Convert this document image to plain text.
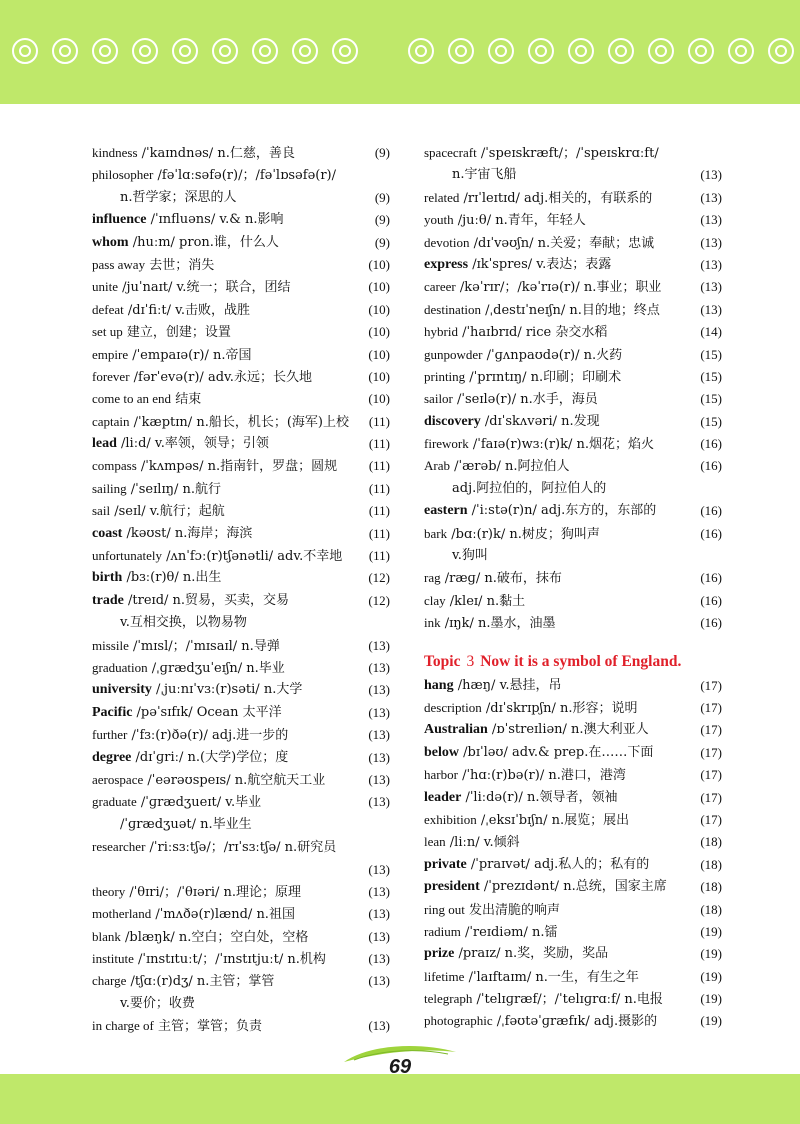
kindness /ˈkaɪndnəs/ n.仁慈，善良	(9)
philosopher /fəˈlɑːsəfə(r)/；/fəˈlɒsəfə(r)/
n.哲学家；深思的人	(9)
influence /ˈɪnfluəns/ v.& n.影响	(9)
whom /huːm/ pron.谁，什么人	(9)
pass away 去世；消失	(10)
unite /juˈnaɪt/ v.统一；联合，团结	(10)
defeat /dɪˈfiːt/ v.击败，战胜	(10)
set up 建立，创建；设置	(10)
empire /ˈempaɪə(r)/ n.帝国	(10)
forever /fərˈevə(r)/ adv.永远；长久地	(10)
come to an end 结束	(10)
captain /ˈkæptɪn/ n.船长，机长；(海军)上校	(11)
lead /liːd/ v.率领，领导；引领	(11)
compass /ˈkʌmpəs/ n.指南针，罗盘；圆规	(11)
sailing /ˈseɪlɪŋ/ n.航行	(11)
sail /seɪl/ v.航行；起航	(11)
coast /kəʊst/ n.海岸；海滨	(11)
unfortunately /ʌnˈfɔː(r)tʃənətli/ adv.不幸地	(11)
birth /bɜː(r)θ/ n.出生	(12)
trade /treɪd/ n.贸易，买卖，交易	(12)
v.互相交换，以物易物
missile /ˈmɪsl/；/ˈmɪsaɪl/ n.导弹	(13)
graduation /ˌɡrædʒuˈeɪʃn/ n.毕业	(13)
university /ˌjuːnɪˈvɜː(r)səti/ n.大学	(13)
Pacific /pəˈsɪfɪk/ Ocean 太平洋	(13)
further /ˈfɜː(r)ðə(r)/ adj.进一步的	(13)
degree /dɪˈɡriː/ n.(大学)学位；度	(13)
aerospace /ˈeərəʊspeɪs/ n.航空航天工业	(13)
graduate /ˈɡrædʒueɪt/ v.毕业	(13)
/ˈɡrædʒuət/ n.毕业生
researcher /ˈriːsɜːtʃə/；/rɪˈsɜːtʃə/ n.研究员
(13)
theory /ˈθɪri/；/ˈθɪəri/ n.理论；原理	(13)
motherland /ˈmʌðə(r)lænd/ n.祖国	(13)
blank /blæŋk/ n.空白；空白处，空格	(13)
institute /ˈɪnstɪtuːt/；/ˈɪnstɪtjuːt/ n.机构	(13)
charge /tʃɑː(r)dʒ/ n.主管；掌管	(13)
v.要价；收费
in charge of 主管；掌管；负责	(13)
spacecraft /ˈspeɪskræft/；/ˈspeɪskrɑːft/
n.宇宙飞船	(13)
related /rɪˈleɪtɪd/ adj.相关的，有联系的	(13)
youth /juːθ/ n.青年，年轻人	(13)
devotion /dɪˈvəʊʃn/ n.关爱；奉献；忠诚	(13)
express /ɪkˈspres/ v.表达；表露	(13)
career /kəˈrɪr/；/kəˈrɪə(r)/ n.事业；职业	(13)
destination /ˌdestɪˈneɪʃn/ n.目的地；终点	(13)
hybrid /ˈhaɪbrɪd/ rice 杂交水稻	(14)
gunpowder /ˈɡʌnpaʊdə(r)/ n.火药	(15)
printing /ˈprɪntɪŋ/ n.印刷；印刷术	(15)
sailor /ˈseɪlə(r)/ n.水手，海员	(15)
discovery /dɪˈskʌvəri/ n.发现	(15)
firework /ˈfaɪə(r)wɜː(r)k/ n.烟花；焰火	(16)
Arab /ˈærəb/ n.阿拉伯人	(16)
adj.阿拉伯的，阿拉伯人的
eastern /ˈiːstə(r)n/ adj.东方的，东部的	(16)
bark /bɑː(r)k/ n.树皮；狗叫声	(16)
v.狗叫
rag /ræɡ/ n.破布，抹布	(16)
clay /kleɪ/ n.黏土	(16)
ink /ɪŋk/ n.墨水，油墨	(16)
Topic 3 Now it is a symbol of England.
hang /hæŋ/ v.悬挂，吊	(17)
description /dɪˈskrɪpʃn/ n.形容；说明	(17)
Australian /ɒˈstreɪliən/ n.澳大利亚人	(17)
below /bɪˈləʊ/ adv.& prep.在……下面	(17)
harbor /ˈhɑː(r)bə(r)/ n.港口，港湾	(17)
leader /ˈliːdə(r)/ n.领导者，领袖	(17)
exhibition /ˌeksɪˈbɪʃn/ n.展览；展出	(17)
lean /liːn/ v.倾斜	(18)
private /ˈpraɪvət/ adj.私人的；私有的	(18)
president /ˈprezɪdənt/ n.总统，国家主席	(18)
ring out 发出清脆的响声	(18)
radium /ˈreɪdiəm/ n.镭	(19)
prize /praɪz/ n.奖，奖励，奖品	(19)
lifetime /ˈlaɪftaɪm/ n.一生，有生之年	(19)
telegraph /ˈtelɪɡræf/；/ˈtelɪɡrɑːf/ n.电报	(19)
photographic /ˌfəʊtəˈɡræfɪk/ adj.摄影的	(19)
69
